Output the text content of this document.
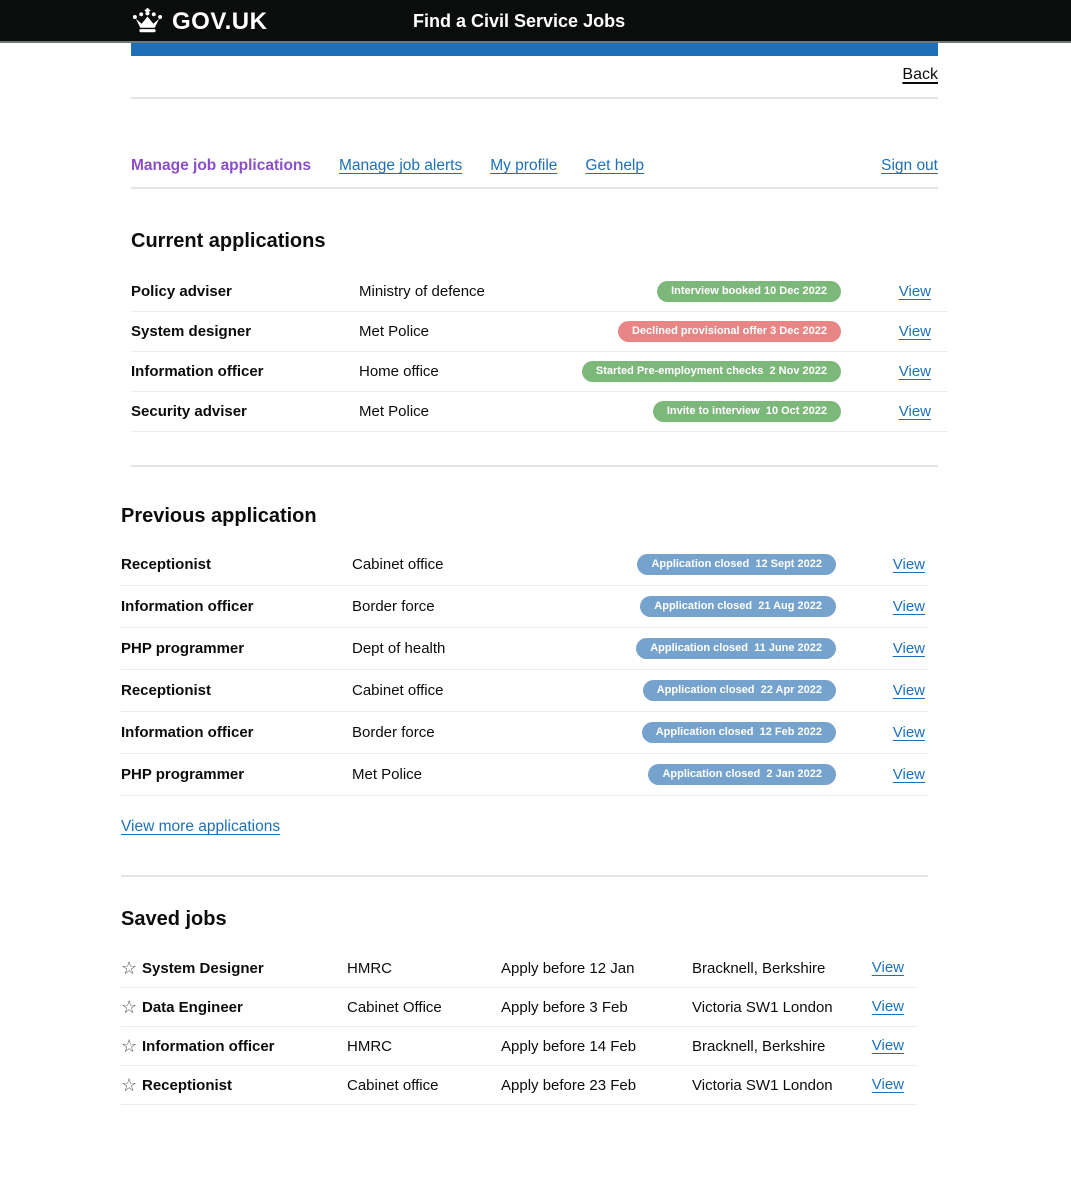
GOV.UK	Find a Civil Service Jobs
Back
Manage job applications Manage job alerts My profile Get help	Sign out
Current applications
Policy adviser	Ministry of defence	Interview booked 10 Dec 2022	View
System designer	Met Police	Declined provisional offer 3 Dec 2022	View
Information officer	Home office	Started Pre-employment checks  2 Nov 2022	View
Security adviser	Met Police	Invite to interview  10 Oct 2022	View
Previous application
Receptionist	Cabinet office	Application closed  12 Sept 2022	View
Information officer	Border force	Application closed  21 Aug 2022	View
PHP programmer	Dept of health	Application closed  11 June 2022	View
Receptionist	Cabinet office	Application closed  22 Apr 2022	View
Information officer	Border force	Application closed  12 Feb 2022	View
PHP programmer	Met Police	Application closed  2 Jan 2022	View
View more applications
Saved jobs
☆ System Designer	HMRC	Apply before 12 Jan	Bracknell, Berkshire	View
☆ Data Engineer	Cabinet Office	Apply before 3 Feb	Victoria SW1 London	View
☆ Information officer	HMRC	Apply before 14 Feb	Bracknell, Berkshire	View
☆ Receptionist	Cabinet office	Apply before 23 Feb	Victoria SW1 London	View
